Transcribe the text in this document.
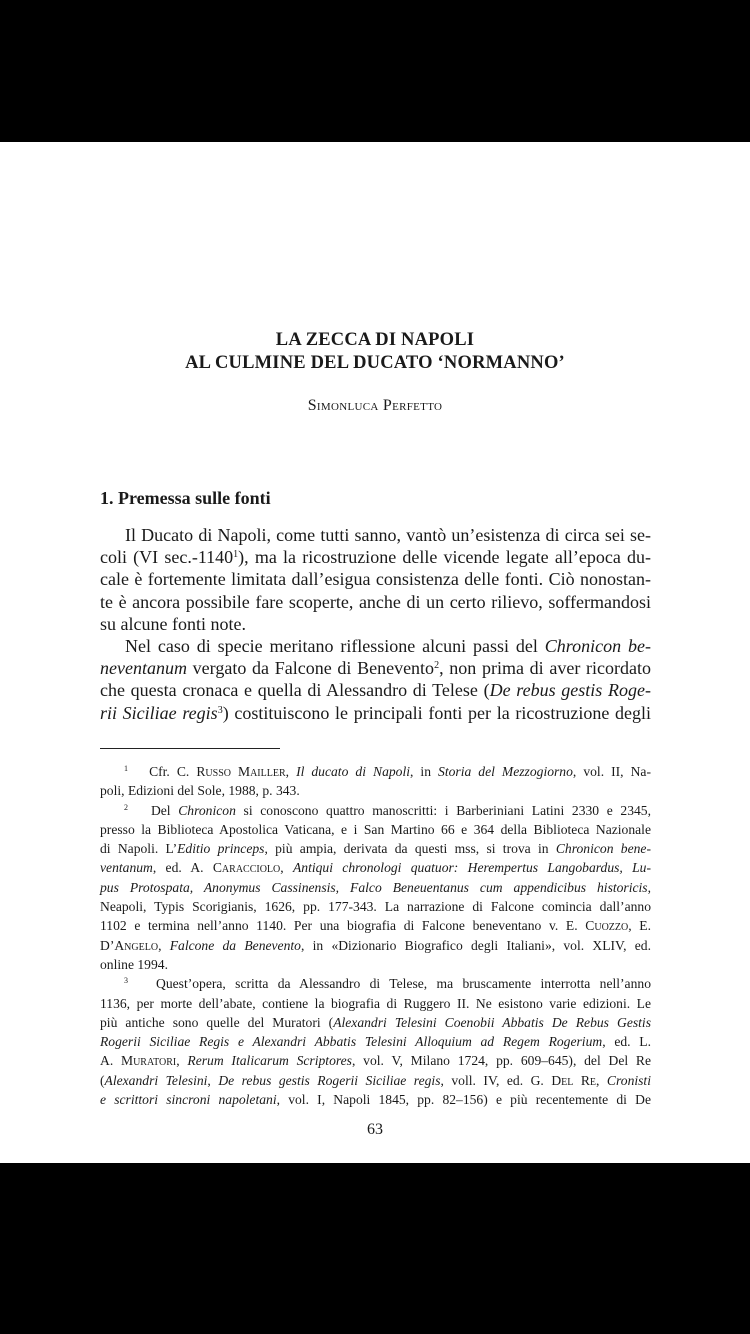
LA ZECCA DI NAPOLI
AL CULMINE DEL DUCATO ‘NORMANNO’
Simonluca Perfetto
1. Premessa sulle fonti
Il Ducato di Napoli, come tutti sanno, vantò un’esistenza di circa sei se-
coli (VI sec.-1140$^1$), ma la ricostruzione delle vicende legate all’epoca du-
cale è fortemente limitata dall’esigua consistenza delle fonti. Ciò nonostan-
te è ancora possibile fare scoperte, anche di un certo rilievo, soffermandosi
su alcune fonti note.
Nel caso di specie meritano riflessione alcuni passi del Chronicon be-
neventanum vergato da Falcone di Benevento$^2$, non prima di aver ricordato
che questa cronaca e quella di Alessandro di Telese (De rebus gestis Roge-
rii Siciliae regis$^3$) costituiscono le principali fonti per la ricostruzione degli
$^1$ Cfr. C. Russo Mailler, Il ducato di Napoli, in Storia del Mezzogiorno, vol. II, Na-
poli, Edizioni del Sole, 1988, p. 343.
$^2$ Del Chronicon si conoscono quattro manoscritti: i Barberiniani Latini 2330 e 2345,
presso la Biblioteca Apostolica Vaticana, e i San Martino 66 e 364 della Biblioteca Nazionale
di Napoli. L’Editio princeps, più ampia, derivata da questi mss, si trova in Chronicon bene-
ventanum, ed. A. Caracciolo, Antiqui chronologi quatuor: Herempertus Langobardus, Lu-
pus Protospata, Anonymus Cassinensis, Falco Beneuentanus cum appendicibus historicis,
Neapoli, Typis Scorigianis, 1626, pp. 177-343. La narrazione di Falcone comincia dall’anno
1102 e termina nell’anno 1140. Per una biografia di Falcone beneventano v. E. Cuozzo, E.
D’Angelo, Falcone da Benevento, in «Dizionario Biografico degli Italiani», vol. XLIV, ed.
online 1994.
$^3$ Quest’opera, scritta da Alessandro di Telese, ma bruscamente interrotta nell’anno
1136, per morte dell’abate, contiene la biografia di Ruggero II. Ne esistono varie edizioni. Le
più antiche sono quelle del Muratori (Alexandri Telesini Coenobii Abbatis De Rebus Gestis
Rogerii Siciliae Regis e Alexandri Abbatis Telesini Alloquium ad Regem Rogerium, ed. L.
A. Muratori, Rerum Italicarum Scriptores, vol. V, Milano 1724, pp. 609–645), del Del Re
(Alexandri Telesini, De rebus gestis Rogerii Siciliae regis, voll. IV, ed. G. Del Re, Cronisti
e scrittori sincroni napoletani, vol. I, Napoli 1845, pp. 82–156) e più recentemente di De
63
